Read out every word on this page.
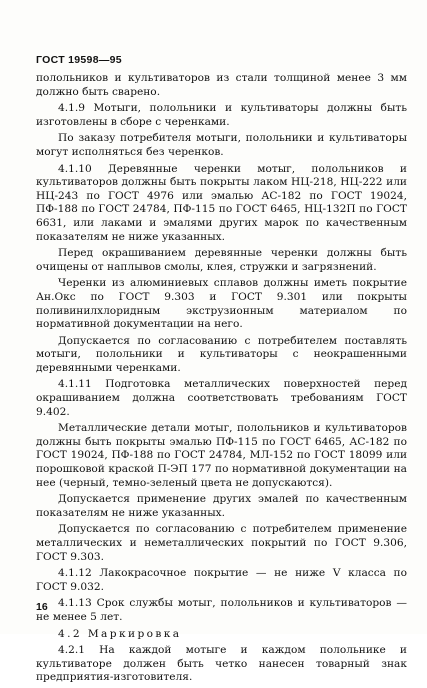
ГОСТ 19598—95

полольников и культиваторов из стали толщиной менее 3 мм должно быть сварено.

4.1.9 Мотыги, полольники и культиваторы должны быть изготовлены в сборе с черенками.

По заказу потребителя мотыги, полольники и культиваторы могут исполняться без черенков.

4.1.10 Деревянные черенки мотыг, полольников и культиваторов должны быть покрыты лаком НЦ-218, НЦ-222 или НЦ-243 по ГОСТ 4976 или эмалью АС-182 по ГОСТ 19024, ПФ-188 по ГОСТ 24784, ПФ-115 по ГОСТ 6465, НЦ-132П по ГОСТ 6631, или лаками и эмалями других марок по качественным показателям не ниже указанных.

Перед окрашиванием деревянные черенки должны быть очищены от наплывов смолы, клея, стружки и загрязнений.

Черенки из алюминиевых сплавов должны иметь покрытие Ан.Окс по ГОСТ 9.303 и ГОСТ 9.301 или покрыты поливинилхлоридным экструзионным материалом по нормативной документации на него.

Допускается по согласованию с потребителем поставлять мотыги, полольники и культиваторы с неокрашенными деревянными черенками.

4.1.11 Подготовка металлических поверхностей перед окрашиванием должна соответствовать требованиям ГОСТ 9.402.

Металлические детали мотыг, полольников и культиваторов должны быть покрыты эмалью ПФ-115 по ГОСТ 6465, АС-182 по ГОСТ 19024, ПФ-188 по ГОСТ 24784, МЛ-152 по ГОСТ 18099 или порошковой краской П-ЭП 177 по нормативной документации на нее (черный, темно-зеленый цвета не допускаются).

Допускается применение других эмалей по качественным показателям не ниже указанных.

Допускается по согласованию с потребителем применение металлических и неметаллических покрытий по ГОСТ 9.306, ГОСТ 9.303.

4.1.12 Лакокрасочное покрытие — не ниже V класса по ГОСТ 9.032.

4.1.13 Срок службы мотыг, полольников и культиваторов — не менее 5 лет.

4.2 Маркировка

4.2.1 На каждой мотыге и каждом полольнике и культиваторе должен быть четко нанесен товарный знак предприятия-изготовителя.

16
